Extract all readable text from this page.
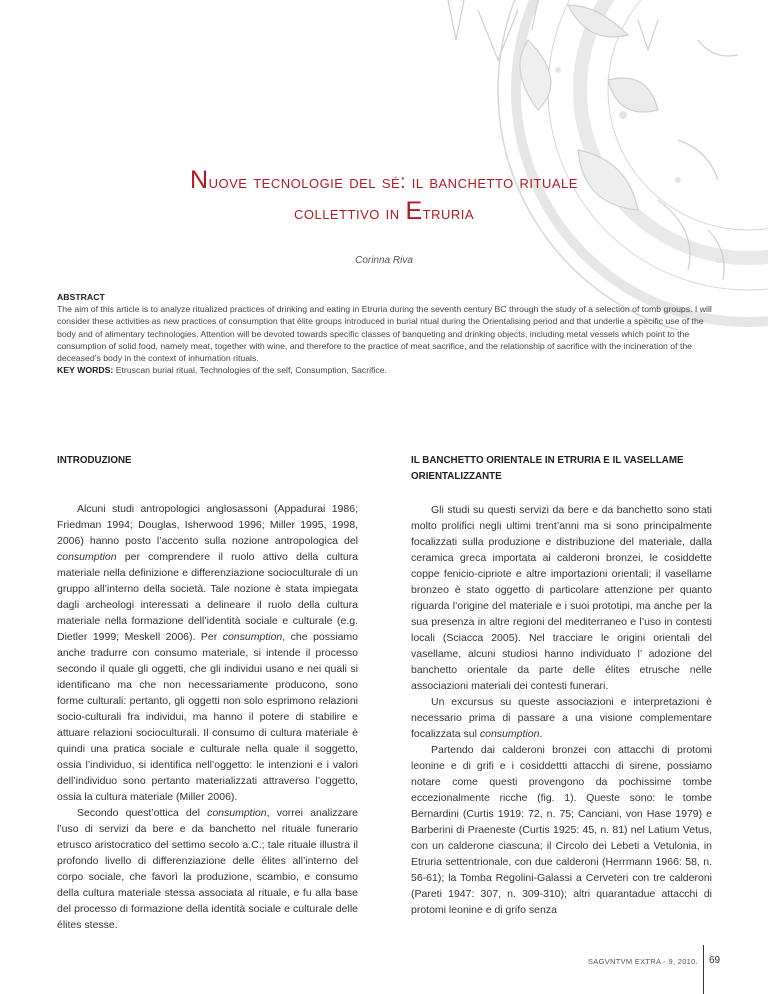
Nuove tecnologie del sé: il banchetto rituale
collettivo in Etruria
Corinna Riva
ABSTRACT
The aim of this article is to analyze ritualized practices of drinking and eating in Etruria during the seventh century BC through the study of a selection of tomb groups. I will consider these activities as new practices of consumption that élite groups introduced in burial ritual during the Orientalising period and that underlie a specific use of the body and of alimentary technologies. Attention will be devoted towards specific classes of banqueting and drinking objects, including metal vessels which point to the consumption of solid food, namely meat, together with wine, and therefore to the practice of meat sacrifice, and the relationship of sacrifice with the incineration of the deceased’s body in the context of inhumation rituals.
KEY WORDS: Etruscan burial ritual, Technologies of the self, Consumption, Sacrifice.
INTRODUZIONE

Alcuni studi antropologici anglosassoni (Appadurai 1986; Friedman 1994; Douglas, Isherwood 1996; Miller 1995, 1998, 2006) hanno posto l’accento sulla nozione antropologica del consumption per comprendere il ruolo attivo della cultura materiale nella definizione e differenziazione socioculturale di un gruppo all’interno della società. Tale nozione è stata impiegata dagli archeologi interessati a delineare il ruolo della cultura materiale nella formazione dell’identità sociale e culturale (e.g. Dietler 1999; Meskell 2006). Per consumption, che possiamo anche tradurre con consumo materiale, si intende il processo secondo il quale gli oggetti, che gli individui usano e nei quali si identificano ma che non necessariamente producono, sono forme culturali: pertanto, gli oggetti non solo esprimono relazioni socio-culturali fra individui, ma hanno il potere di stabilire e attuare relazioni socioculturali. Il consumo di cultura materiale è quindi una pratica sociale e culturale nella quale il soggetto, ossia l’individuo, si identifica nell’oggetto: le intenzioni e i valori dell’individuo sono pertanto materializzati attraverso l’oggetto, ossia la cultura materiale (Miller 2006).

Secondo quest’ottica del consumption, vorrei analizzare l’uso di servizi da bere e da banchetto nel rituale funerario etrusco aristocratico del settimo secolo a.C.; tale rituale illustra il profondo livello di differenziazione delle élites all’interno del corpo sociale, che favorì la produzione, scambio, e consumo della cultura materiale stessa associata al rituale, e fu alla base del processo di formazione della identità sociale e culturale delle élites stesse.

IL BANCHETTO ORIENTALE IN ETRURIA E IL VASELLAME ORIENTALIZZANTE

Gli studi su questi servizi da bere e da banchetto sono stati molto prolifici negli ultimi trent’anni ma si sono principalmente focalizzati sulla produzione e distribuzione del materiale, dalla ceramica greca importata ai calderoni bronzei, le cosiddette coppe fenicio-cipriote e altre importazioni orientali; il vasellame bronzeo è stato oggetto di particolare attenzione per quanto riguarda l’origine del materiale e i suoi prototipi, ma anche per la sua presenza in altre regioni del mediterraneo e l’uso in contesti locali (Sciacca 2005). Nel tracciare le origini orientali del vasellame, alcuni studiosi hanno individuato l’ adozione del banchetto orientale da parte delle élites etrusche nelle associazioni materiali dei contesti funerari.

Un excursus su queste associazioni e interpretazioni è necessario prima di passare a una visione complementare focalizzata sul consumption.

Partendo dai calderoni bronzei con attacchi di protomi leonine e di grifi e i cosiddettti attacchi di sirene, possiamo notare come questi provengono da pochissime tombe eccezionalmente ricche (fig. 1). Queste sono: le tombe Bernardini (Curtis 1919: 72, n. 75; Canciani, von Hase 1979) e Barberini di Praeneste (Curtis 1925: 45, n. 81) nel Latium Vetus, con un calderone ciascuna; il Circolo dei Lebeti a Vetulonia, in Etruria settentrionale, con due calderoni (Herrmann 1966: 58, n. 56-61); la Tomba Regolini-Galassi a Cerveteri con tre calderoni (Pareti 1947: 307, n. 309-310); altri quarantadue attacchi di protomi leonine e di grifo senza

SAGVNTVM EXTRA - 9, 2010. 69
